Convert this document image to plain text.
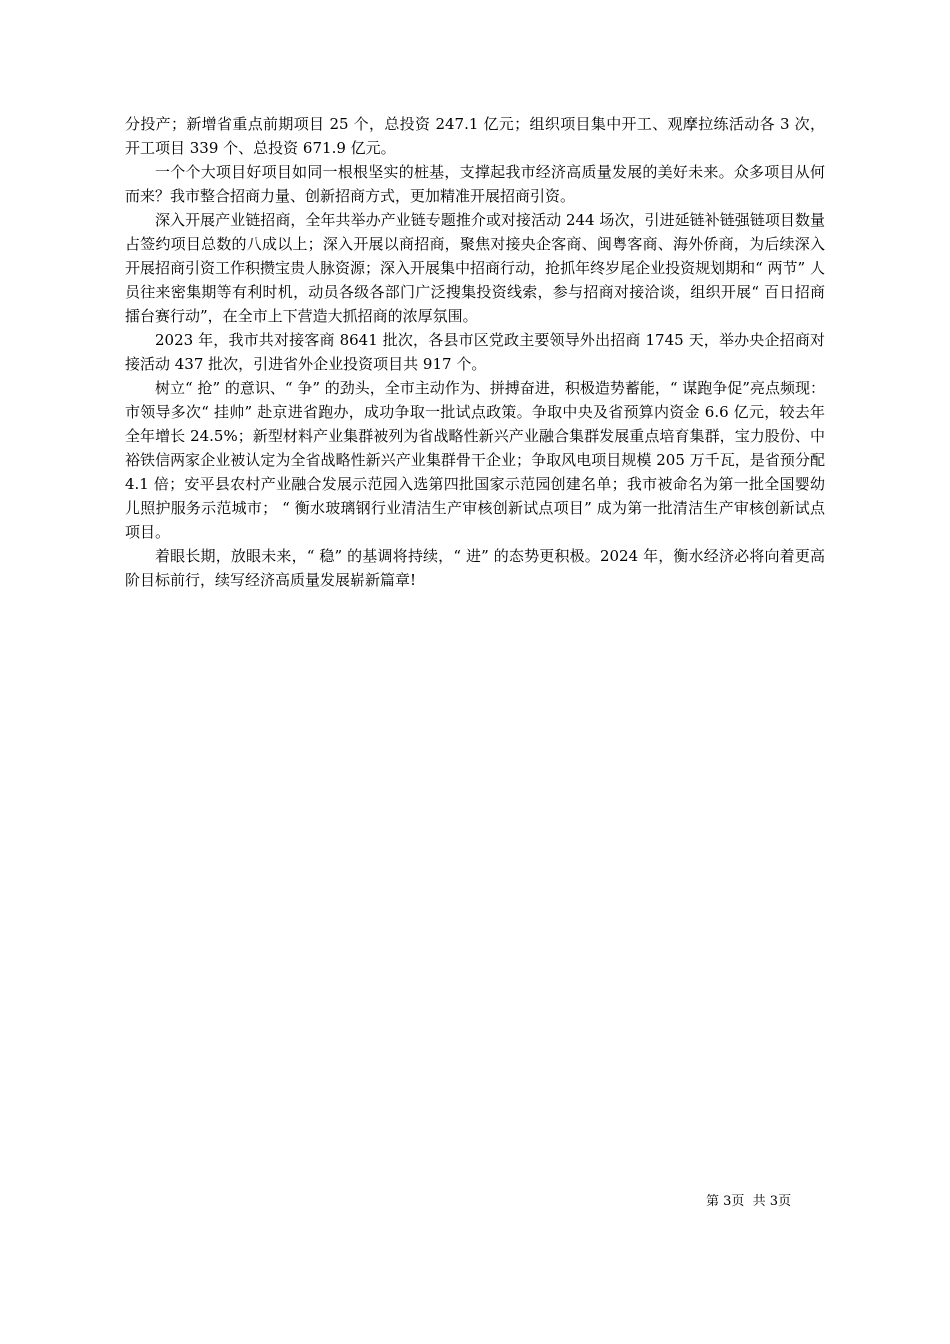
分投产；新增省重点前期项目 25 个，总投资 247.1 亿元；组织项目集中开工、观摩拉练活动各 3 次，开工项目 339 个、总投资 671.9 亿元。

一个个大项目好项目如同一根根坚实的桩基，支撑起我市经济高质量发展的美好未来。众多项目从何而来？我市整合招商力量、创新招商方式，更加精准开展招商引资。

深入开展产业链招商，全年共举办产业链专题推介或对接活动 244 场次，引进延链补链强链项目数量占签约项目总数的八成以上；深入开展以商招商，聚焦对接央企客商、闽粤客商、海外侨商，为后续深入开展招商引资工作积攒宝贵人脉资源；深入开展集中招商行动，抢抓年终岁尾企业投资规划期和“ 两节” 人员往来密集期等有利时机，动员各级各部门广泛搜集投资线索，参与招商对接洽谈，组织开展“ 百日招商擂台赛行动”，在全市上下营造大抓招商的浓厚氛围。

2023 年，我市共对接客商 8641 批次，各县市区党政主要领导外出招商 1745 天，举办央企招商对接活动 437 批次，引进省外企业投资项目共 917 个。

树立“ 抢” 的意识、“ 争” 的劲头，全市主动作为、拼搏奋进，积极造势蓄能，“ 谋跑争促”亮点频现：市领导多次“ 挂帅” 赴京进省跑办，成功争取一批试点政策。争取中央及省预算内资金 6.6 亿元，较去年全年增长 24.5%；新型材料产业集群被列为省战略性新兴产业融合集群发展重点培育集群，宝力股份、中裕铁信两家企业被认定为全省战略性新兴产业集群骨干企业；争取风电项目规模 205 万千瓦，是省预分配 4.1 倍；安平县农村产业融合发展示范园入选第四批国家示范园创建名单；我市被命名为第一批全国婴幼儿照护服务示范城市； “ 衡水玻璃钢行业清洁生产审核创新试点项目” 成为第一批清洁生产审核创新试点项目。

着眼长期，放眼未来，“ 稳” 的基调将持续，“ 进” 的态势更积极。2024 年，衡水经济必将向着更高阶目标前行，续写经济高质量发展崭新篇章!

第 3页  共 3页
